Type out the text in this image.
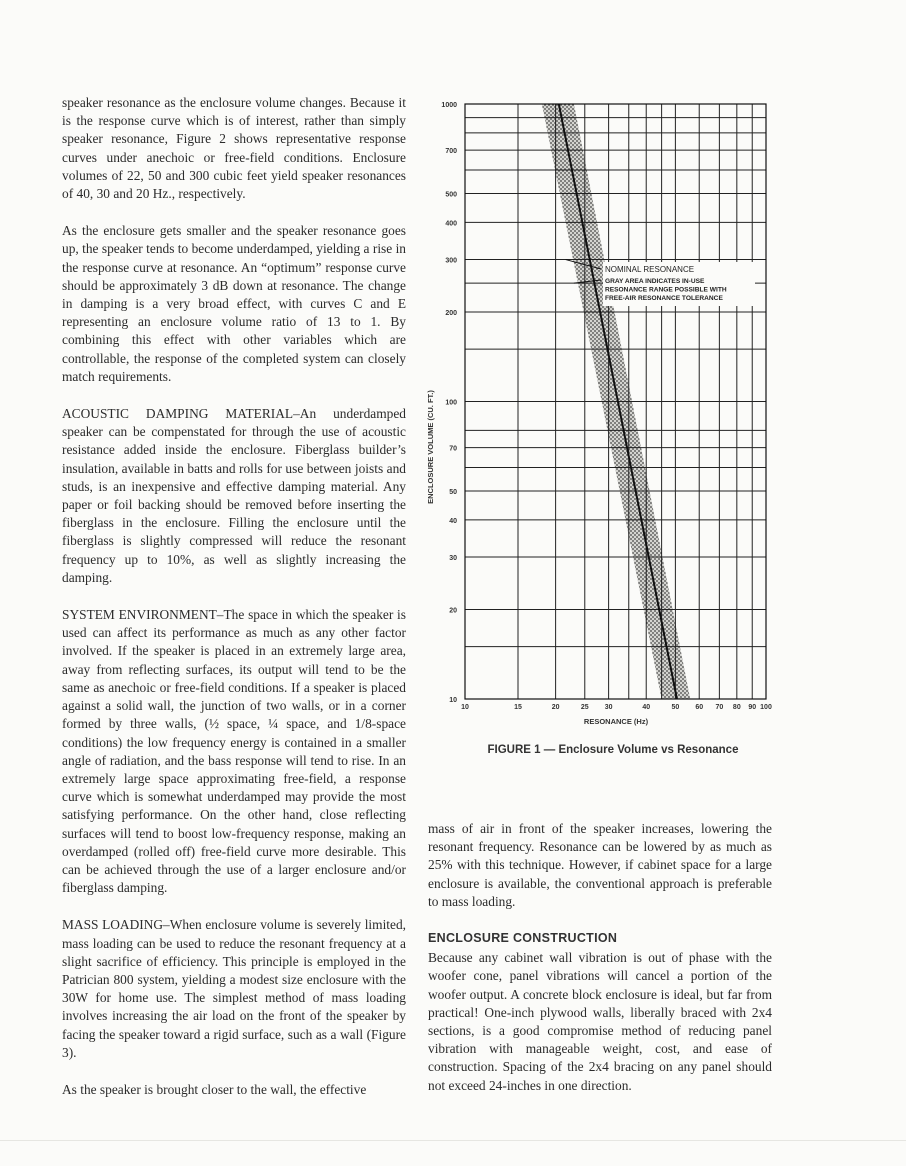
speaker resonance as the enclosure volume changes. Because it is the response curve which is of interest, rather than simply speaker resonance, Figure 2 shows representative response curves under anechoic or free-field conditions. Enclosure volumes of 22, 50 and 300 cubic feet yield speaker resonances of 40, 30 and 20 Hz., respectively.

As the enclosure gets smaller and the speaker resonance goes up, the speaker tends to become underdamped, yielding a rise in the response curve at resonance. An “optimum” response curve should be approximately 3 dB down at resonance. The change in damping is a very broad effect, with curves C and E representing an enclosure volume ratio of 13 to 1. By combining this effect with other variables which are controllable, the response of the completed system can closely match requirements.

ACOUSTIC DAMPING MATERIAL–An underdamped speaker can be compenstated for through the use of acoustic resistance added inside the enclosure. Fiberglass builder’s insulation, available in batts and rolls for use between joists and studs, is an inexpensive and effective damping material. Any paper or foil backing should be removed before inserting the fiberglass in the enclosure. Filling the enclosure until the fiberglass is slightly compressed will reduce the resonant frequency up to 10%, as well as slightly increasing the damping.

SYSTEM ENVIRONMENT–The space in which the speaker is used can affect its performance as much as any other factor involved. If the speaker is placed in an extremely large area, away from reflecting surfaces, its output will tend to be the same as anechoic or free-field conditions. If a speaker is placed against a solid wall, the junction of two walls, or in a corner formed by three walls, (½ space, ¼ space, and 1/8-space conditions) the low frequency energy is contained in a smaller angle of radiation, and the bass response will tend to rise. In an extremely large space approximating free-field, a response curve which is somewhat underdamped may provide the most satisfying performance. On the other hand, close reflecting surfaces will tend to boost low-frequency response, making an overdamped (rolled off) free-field curve more desirable. This can be achieved through the use of a larger enclosure and/or fiberglass damping.

MASS LOADING–When enclosure volume is severely limited, mass loading can be used to reduce the resonant frequency at a slight sacrifice of efficiency. This principle is employed in the Patrician 800 system, yielding a modest size enclosure with the 30W for home use. The simplest method of mass loading involves increasing the air load on the front of the speaker by facing the speaker toward a rigid surface, such as a wall (Figure 3).

As the speaker is brought closer to the wall, the effective

10
20
30
40
50
70
100
200
300
400
500
700
1000
10	15	20	25 30	40	50 60 70 80 90 100
NOMINAL RESONANCE
GRAY AREA INDICATES IN-USE
RESONANCE RANGE POSSIBLE WITH
FREE-AIR RESONANCE TOLERANCE
ENCLOSURE VOLUME (CU. FT.)
RESONANCE (Hz)
FIGURE 1 — Enclosure Volume vs Resonance

mass of air in front of the speaker increases, lowering the resonant frequency. Resonance can be lowered by as much as 25% with this technique. However, if cabinet space for a large enclosure is available, the conventional approach is preferable to mass loading.

ENCLOSURE CONSTRUCTION

Because any cabinet wall vibration is out of phase with the woofer cone, panel vibrations will cancel a portion of the woofer output. A concrete block enclosure is ideal, but far from practical! One-inch plywood walls, liberally braced with 2x4 sections, is a good compromise method of reducing panel vibration with manageable weight, cost, and ease of construction. Spacing of the 2x4 bracing on any panel should not exceed 24-inches in one direction.
